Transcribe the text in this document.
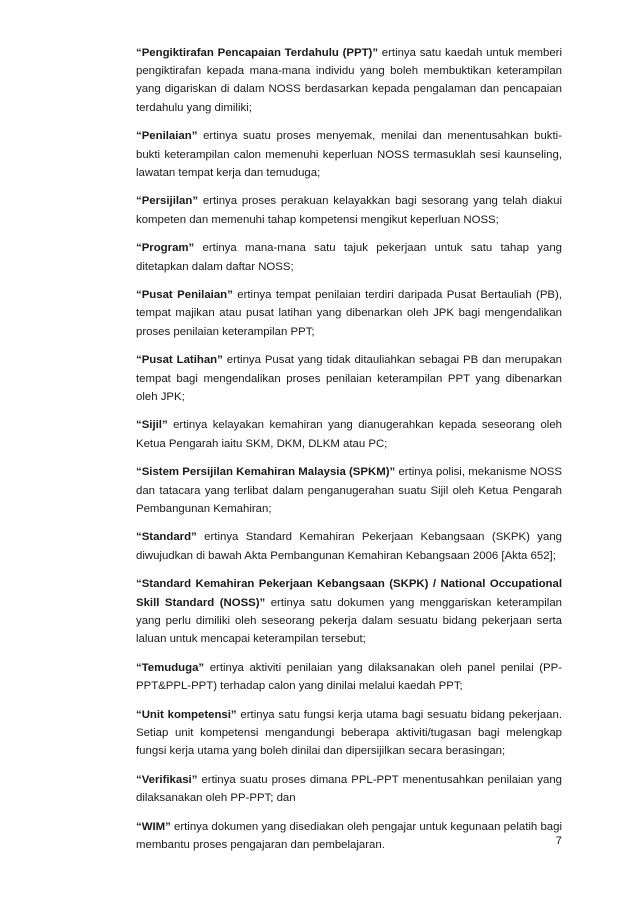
“Pengiktirafan Pencapaian Terdahulu (PPT)” ertinya satu kaedah untuk memberi pengiktirafan kepada mana-mana individu yang boleh membuktikan keterampilan yang digariskan di dalam NOSS berdasarkan kepada pengalaman dan pencapaian terdahulu yang dimiliki;

“Penilaian” ertinya suatu proses menyemak, menilai dan menentusahkan bukti-bukti keterampilan calon memenuhi keperluan NOSS termasuklah sesi kaunseling, lawatan tempat kerja dan temuduga;

“Persijilan” ertinya proses perakuan kelayakkan bagi sesorang yang telah diakui kompeten dan memenuhi tahap kompetensi mengikut keperluan NOSS;

“Program” ertinya mana-mana satu tajuk pekerjaan untuk satu tahap yang ditetapkan dalam daftar NOSS;

“Pusat Penilaian” ertinya tempat penilaian terdiri daripada Pusat Bertauliah (PB), tempat majikan atau pusat latihan yang dibenarkan oleh JPK bagi mengendalikan proses penilaian keterampilan PPT;

“Pusat Latihan” ertinya Pusat yang tidak ditauliahkan sebagai PB dan merupakan tempat bagi mengendalikan proses penilaian keterampilan PPT yang dibenarkan oleh JPK;

“Sijil” ertinya kelayakan kemahiran yang dianugerahkan kepada seseorang oleh Ketua Pengarah iaitu SKM, DKM, DLKM atau PC;

“Sistem Persijilan Kemahiran Malaysia (SPKM)” ertinya polisi, mekanisme NOSS dan tatacara yang terlibat dalam penganugerahan suatu Sijil oleh Ketua Pengarah Pembangunan Kemahiran;

“Standard” ertinya Standard Kemahiran Pekerjaan Kebangsaan (SKPK) yang diwujudkan di bawah Akta Pembangunan Kemahiran Kebangsaan 2006 [Akta 652];

“Standard Kemahiran Pekerjaan Kebangsaan (SKPK) / National Occupational Skill Standard (NOSS)” ertinya satu dokumen yang menggariskan keterampilan yang perlu dimiliki oleh seseorang pekerja dalam sesuatu bidang pekerjaan serta laluan untuk mencapai keterampilan tersebut;

“Temuduga” ertinya aktiviti penilaian yang dilaksanakan oleh panel penilai (PP-PPT&PPL-PPT) terhadap calon yang dinilai melalui kaedah PPT;

“Unit kompetensi” ertinya satu fungsi kerja utama bagi sesuatu bidang pekerjaan. Setiap unit kompetensi mengandungi beberapa aktiviti/tugasan bagi melengkap fungsi kerja utama yang boleh dinilai dan dipersijilkan secara berasingan;

“Verifikasi” ertinya suatu proses dimana PPL-PPT menentusahkan penilaian yang dilaksanakan oleh PP-PPT; dan

“WIM” ertinya dokumen yang disediakan oleh pengajar untuk kegunaan pelatih bagi membantu proses pengajaran dan pembelajaran.	7
